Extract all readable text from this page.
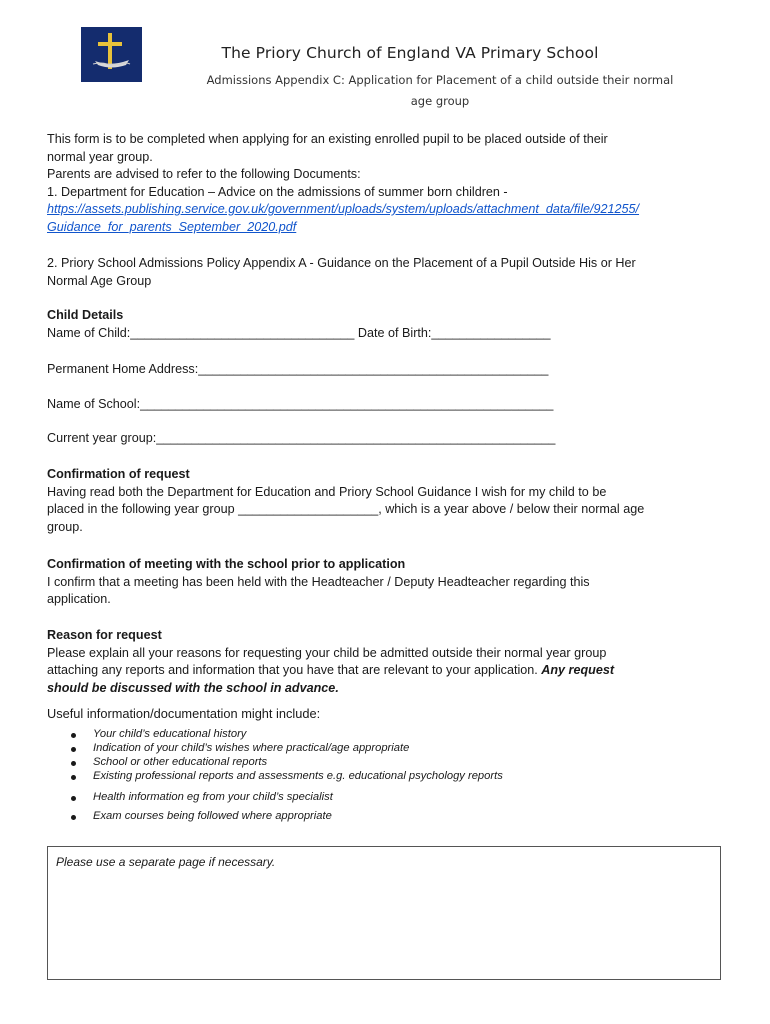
The Priory Church of England VA Primary School
Admissions Appendix C: Application for Placement of a child outside their normal
age group

This form is to be completed when applying for an existing enrolled pupil to be placed outside of their

normal year group.

Parents are advised to refer to the following Documents:

1. Department for Education – Advice on the admissions of summer born children -

https://assets.publishing.service.gov.uk/government/uploads/system/uploads/attachment_data/file/921255/

Guidance_for_parents_September_2020.pdf

2. Priory School Admissions Policy Appendix A - Guidance on the Placement of a Pupil Outside His or Her

Normal Age Group

Child Details

Name of Child:________________________________ Date of Birth:_________________

Permanent Home Address:__________________________________________________

Name of School:___________________________________________________________

Current year group:_________________________________________________________

Confirmation of request

Having read both the Department for Education and Priory School Guidance I wish for my child to be

placed in the following year group ____________________, which is a year above / below their normal age

group.

Confirmation of meeting with the school prior to application

I confirm that a meeting has been held with the Headteacher / Deputy Headteacher regarding this

application.

Reason for request

Please explain all your reasons for requesting your child be admitted outside their normal year group

attaching any reports and information that you have that are relevant to your application. Any request

should be discussed with the school in advance.

Useful information/documentation might include:

Your child’s educational history
Indication of your child’s wishes where practical/age appropriate
School or other educational reports
Existing professional reports and assessments e.g. educational psychology reports
Health information eg from your child’s specialist
Exam courses being followed where appropriate
Please use a separate page if necessary.
